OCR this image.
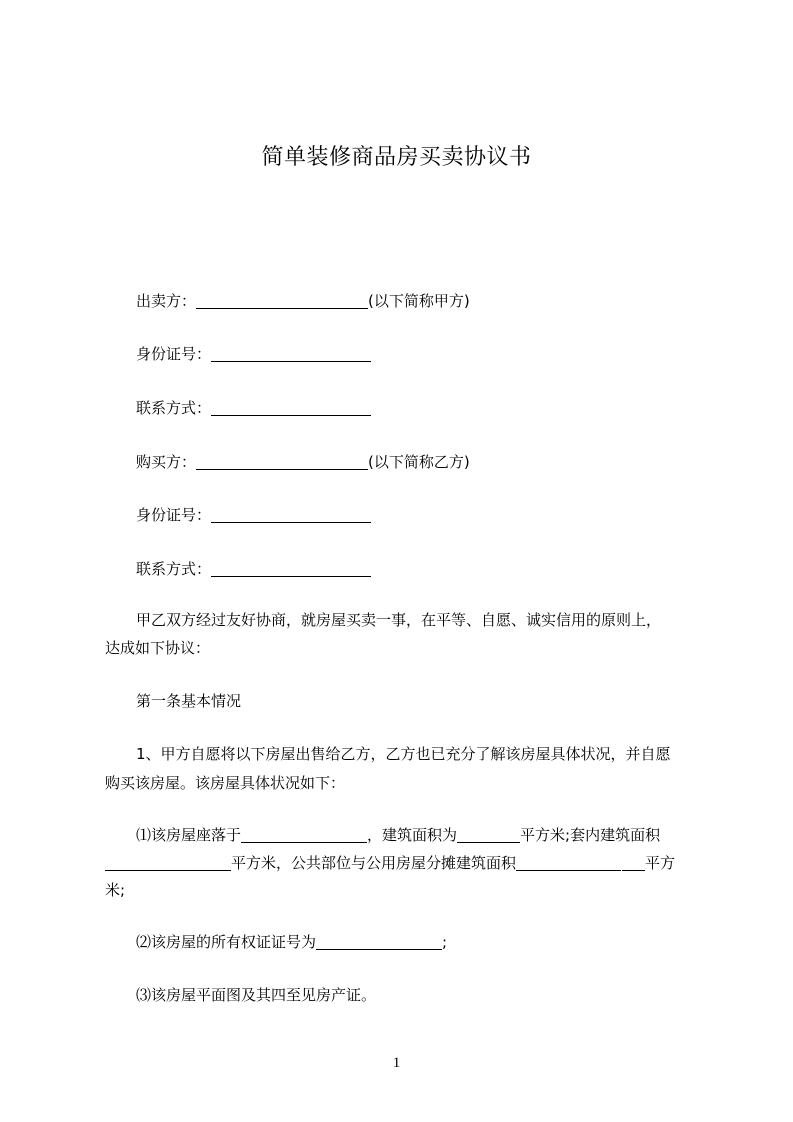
简单装修商品房买卖协议书
出卖方：	(以下简称甲方)
身份证号：
联系方式：
购买方：	(以下简称乙方)
身份证号：
联系方式：
甲乙双方经过友好协商，就房屋买卖一事，在平等、自愿、诚实信用的原则上，
达成如下协议：
第一条基本情况
1、甲方自愿将以下房屋出售给乙方，乙方也已充分了解该房屋具体状况，并自愿
购买该房屋。该房屋具体状况如下：
⑴该房屋座落于	，建筑面积为	平方米;套内建筑面积
平方米，公共部位与公用房屋分摊建筑面积	平方
米;
⑵该房屋的所有权证证号为	;
⑶该房屋平面图及其四至见房产证。
1
